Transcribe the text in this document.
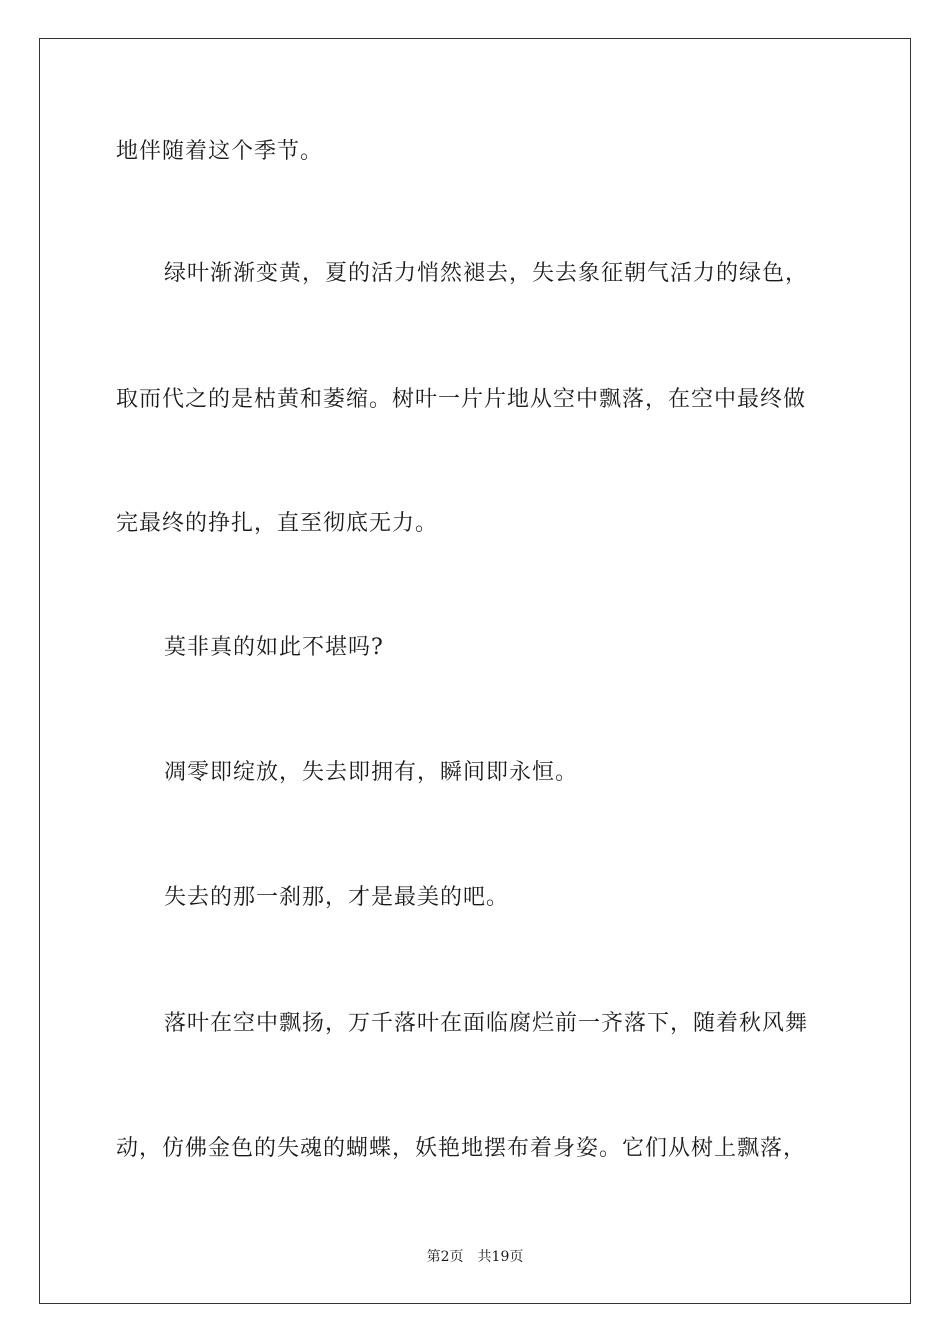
地伴随着这个季节。
绿叶渐渐变黄，夏的活力悄然褪去，失去象征朝气活力的绿色，
取而代之的是枯黄和萎缩。树叶一片片地从空中飘落，在空中最终做
完最终的挣扎，直至彻底无力。
莫非真的如此不堪吗?
凋零即绽放，失去即拥有，瞬间即永恒。
失去的那一刹那，才是最美的吧。
落叶在空中飘扬，万千落叶在面临腐烂前一齐落下，随着秋风舞
动，仿佛金色的失魂的蝴蝶，妖艳地摆布着身姿。它们从树上飘落，
第2页 共19页
